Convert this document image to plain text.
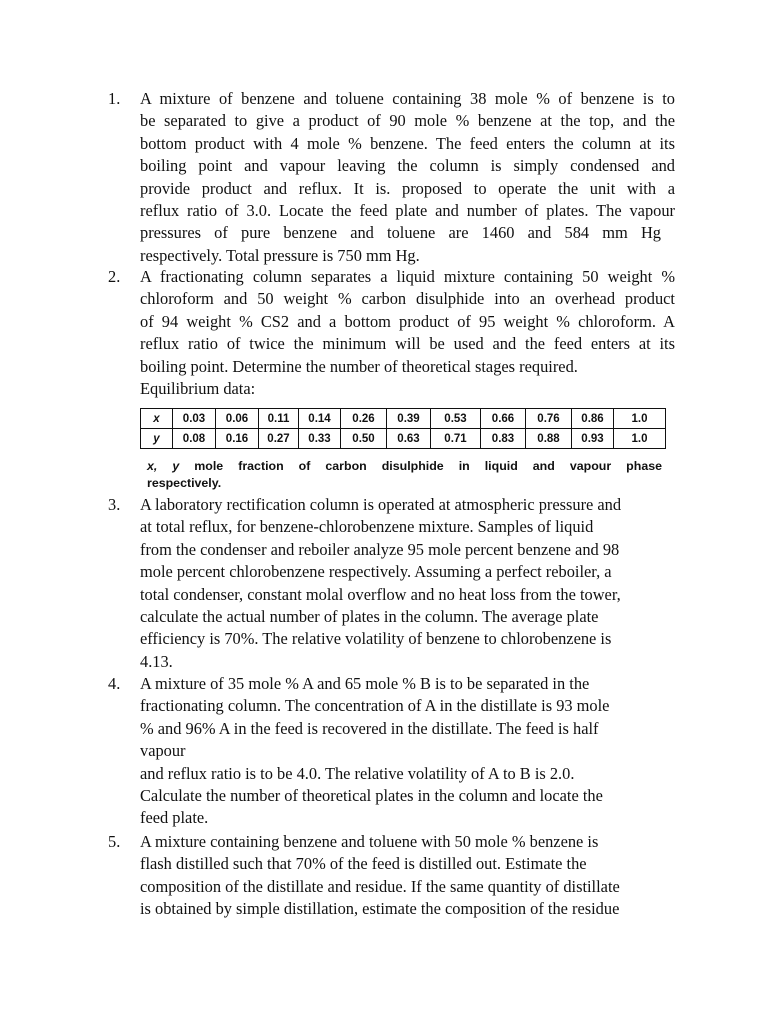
1. A mixture of benzene and toluene containing 38 mole % of benzene is to
be separated to give a product of 90 mole % benzene at the top, and the
bottom product with 4 mole % benzene. The feed enters the column at its
boiling point and vapour leaving the column is simply condensed and
provide product and reflux. It is. proposed to operate the unit with a
reflux ratio of 3.0. Locate the feed plate and number of plates. The vapour
pressures of pure benzene and toluene are 1460 and 584 mm Hg
respectively. Total pressure is 750 mm Hg.
2. A fractionating column separates a liquid mixture containing 50 weight %
chloroform and 50 weight % carbon disulphide into an overhead product
of 94 weight % CS2 and a bottom product of 95 weight % chloroform. A
reflux ratio of twice the minimum will be used and the feed enters at its
boiling point. Determine the number of theoretical stages required.
Equilibrium data:
x	0.03	0.06	0.11	0.14	0.26	0.39	0.53	0.66	0.76	0.86	1.0
y	0.08	0.16	0.27	0.33	0.50	0.63	0.71	0.83	0.88	0.93	1.0
x, y mole fraction of carbon disulphide in liquid and vapour phase
respectively.
3. A laboratory rectification column is operated at atmospheric pressure and
at total reflux, for benzene-chlorobenzene mixture. Samples of liquid
from the condenser and reboiler analyze 95 mole percent benzene and 98
mole percent chlorobenzene respectively. Assuming a perfect reboiler, a
total condenser, constant molal overflow and no heat loss from the tower,
calculate the actual number of plates in the column. The average plate
efficiency is 70%. The relative volatility of benzene to chlorobenzene is
4.13.
4. A mixture of 35 mole % A and 65 mole % B is to be separated in the
fractionating column. The concentration of A in the distillate is 93 mole
% and 96% A in the feed is recovered in the distillate. The feed is half
vapour
and reflux ratio is to be 4.0. The relative volatility of A to B is 2.0.
Calculate the number of theoretical plates in the column and locate the
feed plate.
5. A mixture containing benzene and toluene with 50 mole % benzene is
flash distilled such that 70% of the feed is distilled out. Estimate the
composition of the distillate and residue. If the same quantity of distillate
is obtained by simple distillation, estimate the composition of the residue
